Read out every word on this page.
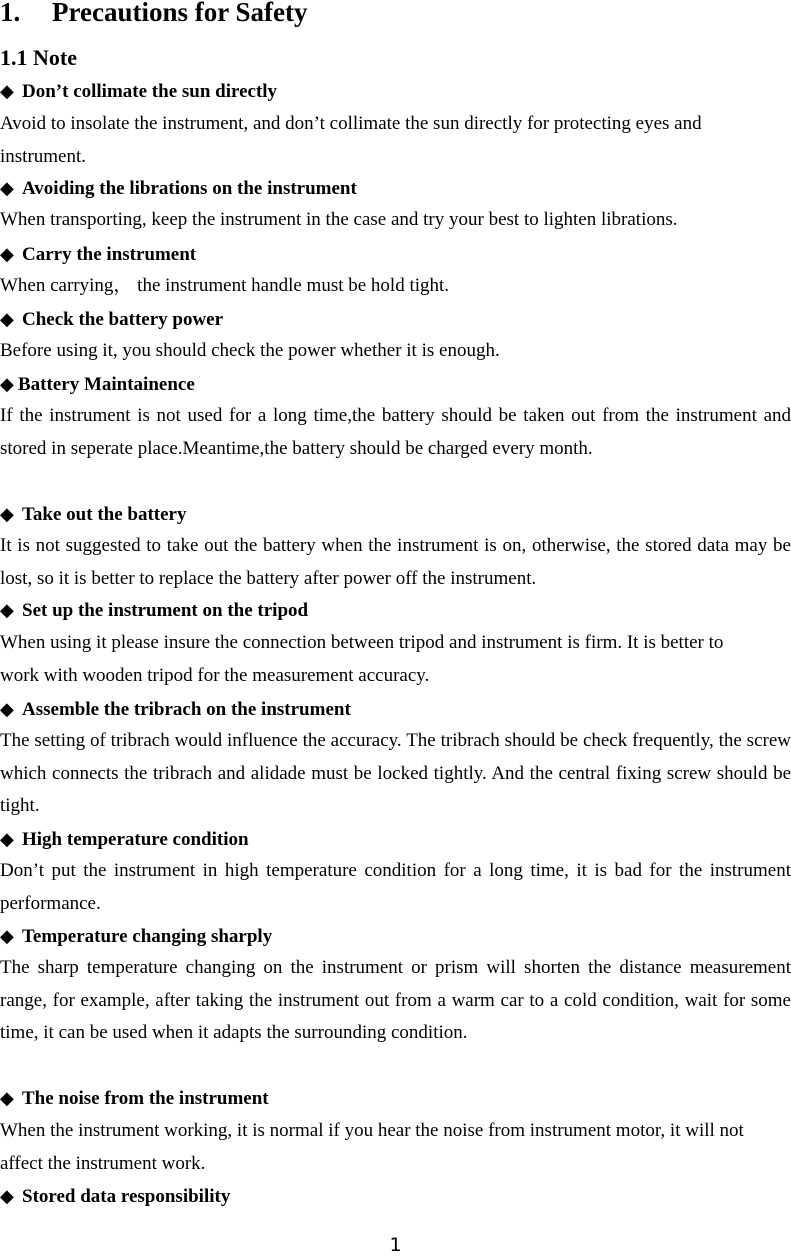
1. Precautions for Safety
1.1 Note
◆ Don’t collimate the sun directly
Avoid to insolate the instrument, and don’t collimate the sun directly for protecting eyes and instrument.
◆ Avoiding the librations on the instrument
When transporting, keep the instrument in the case and try your best to lighten librations.
◆ Carry the instrument
When carrying， the instrument handle must be hold tight.
◆ Check the battery power
Before using it, you should check the power whether it is enough.
◆ Battery Maintainence
If the instrument is not used for a long time,the battery should be taken out from the instrument and stored in seperate place.Meantime,the battery should be charged every month.
◆ Take out the battery
It is not suggested to take out the battery when the instrument is on, otherwise, the stored data may be lost, so it is better to replace the battery after power off the instrument.
◆ Set up the instrument on the tripod
When using it please insure the connection between tripod and instrument is firm. It is better to work with wooden tripod for the measurement accuracy.
◆ Assemble the tribrach on the instrument
The setting of tribrach would influence the accuracy. The tribrach should be check frequently, the screw which connects the tribrach and alidade must be locked tightly. And the central fixing screw should be tight.
◆ High temperature condition
Don’t put the instrument in high temperature condition for a long time, it is bad for the instrument performance.
◆ Temperature changing sharply
The sharp temperature changing on the instrument or prism will shorten the distance measurement range, for example, after taking the instrument out from a warm car to a cold condition, wait for some time, it can be used when it adapts the surrounding condition.
◆ The noise from the instrument
When the instrument working, it is normal if you hear the noise from instrument motor, it will not affect the instrument work.
◆ Stored data responsibility
1
